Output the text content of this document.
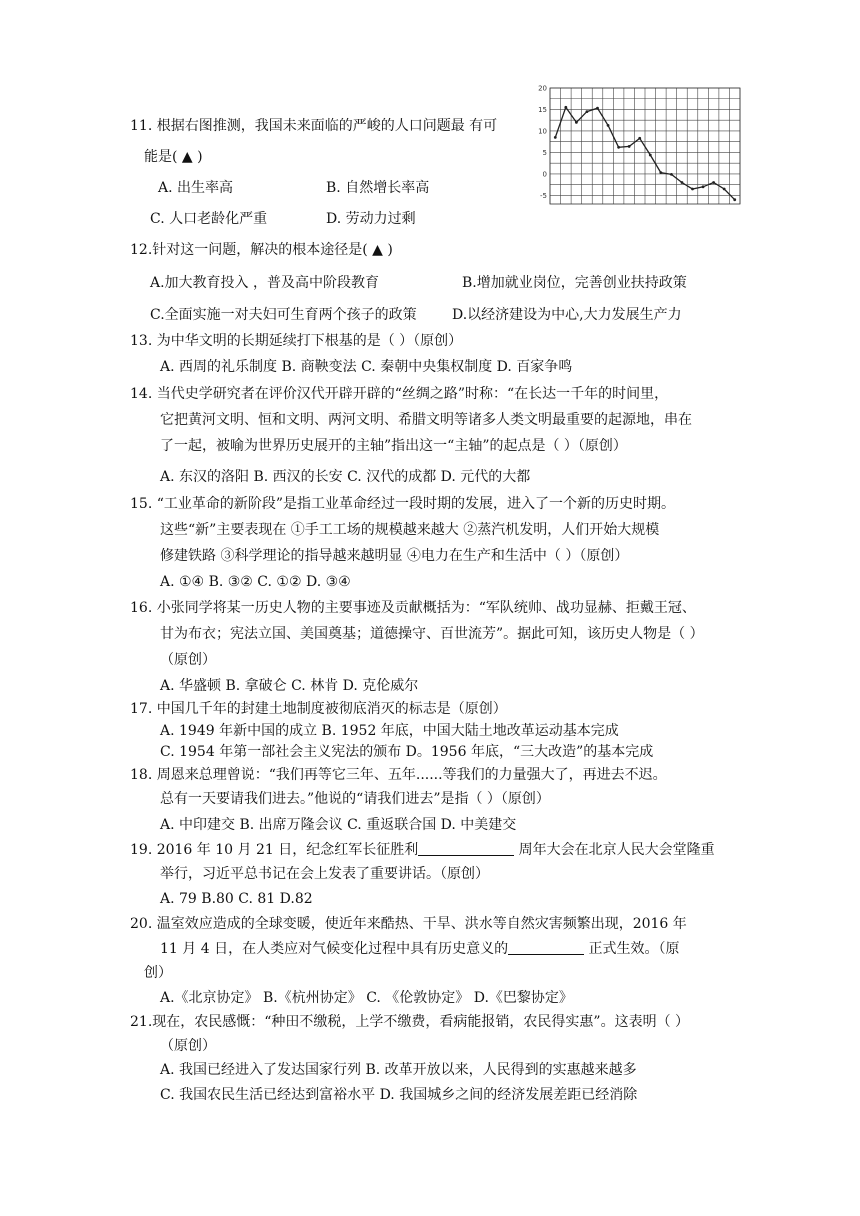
20
15
10
5
0
-5
11. 根据右图推测，我国未来面临的严峻的人口问题最 有可
能是( ▲ )
A. 出生率高	B. 自然增长率高
C. 人口老龄化严重	D. 劳动力过剩
12.针对这一问题，解决的根本途径是( ▲ )
A.加大教育投入 ，普及高中阶段教育	B.增加就业岗位，完善创业扶持政策
C.全面实施一对夫妇可生育两个孩子的政策	D.以经济建设为中心,大力发展生产力
13. 为中华文明的长期延续打下根基的是（ ）（原创）
A. 西周的礼乐制度 B. 商鞅变法 C. 秦朝中央集权制度 D. 百家争鸣
14. 当代史学研究者在评价汉代开辟开辟的“丝绸之路”时称：“在长达一千年的时间里，
它把黄河文明、恒和文明、两河文明、希腊文明等诸多人类文明最重要的起源地，串在
了一起，被喻为世界历史展开的主轴”指出这一“主轴”的起点是（ ）（原创）
A. 东汉的洛阳 B. 西汉的长安 C. 汉代的成都 D. 元代的大都
15. “工业革命的新阶段”是指工业革命经过一段时期的发展，进入了一个新的历史时期。
这些“新”主要表现在 ①手工工场的规模越来越大 ②蒸汽机发明，人们开始大规模
修建铁路 ③科学理论的指导越来越明显 ④电力在生产和生活中（ ）（原创）
A. ①④ B. ③② C. ①② D. ③④
16. 小张同学将某一历史人物的主要事迹及贡献概括为：“军队统帅、战功显赫、拒戴王冠、
甘为布衣；宪法立国、美国奠基；道德操守、百世流芳”。据此可知，该历史人物是（ ）
（原创）
A. 华盛顿 B. 拿破仑 C. 林肯 D. 克伦威尔
17. 中国几千年的封建土地制度被彻底消灭的标志是（原创）
A. 1949 年新中国的成立 B. 1952 年底，中国大陆土地改革运动基本完成
C. 1954 年第一部社会主义宪法的颁布 D。1956 年底，“三大改造”的基本完成
18. 周恩来总理曾说：“我们再等它三年、五年......等我们的力量强大了，再进去不迟。
总有一天要请我们进去。”他说的“请我们进去”是指（ ）（原创）
A. 中印建交 B. 出席万隆会议 C. 重返联合国 D. 中美建交
19. 2016 年 10 月 21 日，纪念红军长征胜利	周年大会在北京人民大会堂隆重
举行，习近平总书记在会上发表了重要讲话。（原创）
A. 79 B.80 C. 81 D.82
20. 温室效应造成的全球变暖，使近年来酷热、干旱、洪水等自然灾害频繁出现，2016 年
11 月 4 日，在人类应对气候变化过程中具有历史意义的	正式生效。（原
创）
A.《北京协定》 B.《杭州协定》 C. 《伦敦协定》 D.《巴黎协定》
21.现在，农民感慨：“种田不缴税，上学不缴费，看病能报销，农民得实惠”。这表明（ ）
（原创）
A. 我国已经进入了发达国家行列 B. 改革开放以来，人民得到的实惠越来越多
C. 我国农民生活已经达到富裕水平 D. 我国城乡之间的经济发展差距已经消除
